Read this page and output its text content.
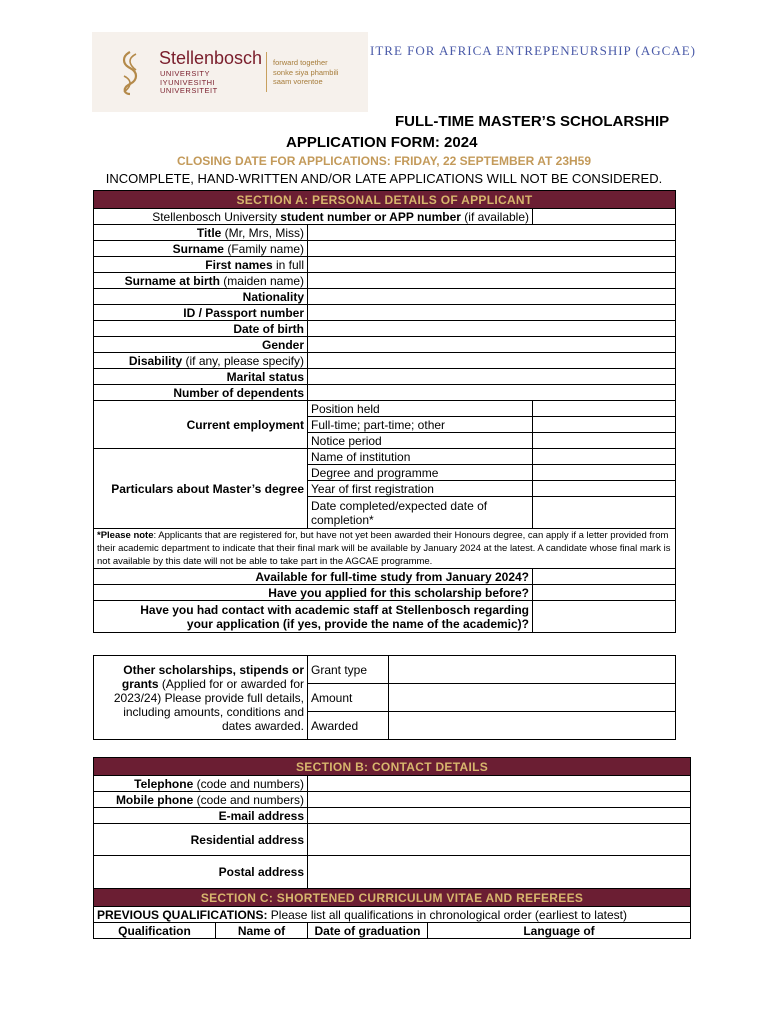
Stellenbosch
UNIVERSITY
IYUNIVESITHI
UNIVERSITEIT
forward together
sonke siya phambili
saam vorentoe
ITRE FOR AFRICA ENTREPENEURSHIP (AGCAE)
FULL-TIME MASTER’S SCHOLARSHIP
APPLICATION FORM: 2024
CLOSING DATE FOR APPLICATIONS: FRIDAY, 22 SEPTEMBER AT 23H59
INCOMPLETE, HAND-WRITTEN AND/OR LATE APPLICATIONS WILL NOT BE CONSIDERED.
SECTION A: PERSONAL DETAILS OF APPLICANT		
Stellenbosch University student number or APP number (if available)		
Title (Mr, Mrs, Miss)		
Surname (Family name)		
First names in full		
Surname at birth (maiden name)		
Nationality		
ID / Passport number		
Date of birth		
Gender		
Disability (if any, please specify)		
Marital status		
Number of dependents		
Current employment	Position held	
	Full-time; part-time; other	
	Notice period	
Particulars about Master’s degree	Name of institution	
	Degree and programme	
	Year of first registration	
	Date completed/expected date of completion*	
*Please note: Applicants that are registered for, but have not yet been awarded their Honours degree, can apply if a letter provided from their academic department to indicate that their final mark will be available by January 2024 at the latest. A candidate whose final mark is not available by this date will not be able to take part in the AGCAE programme.		
Available for full-time study from January 2024?		
Have you applied for this scholarship before?		
Have you had contact with academic staff at Stellenbosch regarding your application (if yes, provide the name of the academic)?		
Other scholarships, stipends or grants (Applied for or awarded for 2023/24) Please provide full details, including amounts, conditions and dates awarded.	Grant type	
	Amount	
	Awarded	
SECTION B: CONTACT DETAILS			
Telephone (code and numbers)			
Mobile phone (code and numbers)			
E-mail address			
Residential address			
Postal address			
SECTION C: SHORTENED CURRICULUM VITAE AND REFEREES			
PREVIOUS QUALIFICATIONS: Please list all qualifications in chronological order (earliest to latest)			
Qualification	Name of	Date of graduation	Language of
